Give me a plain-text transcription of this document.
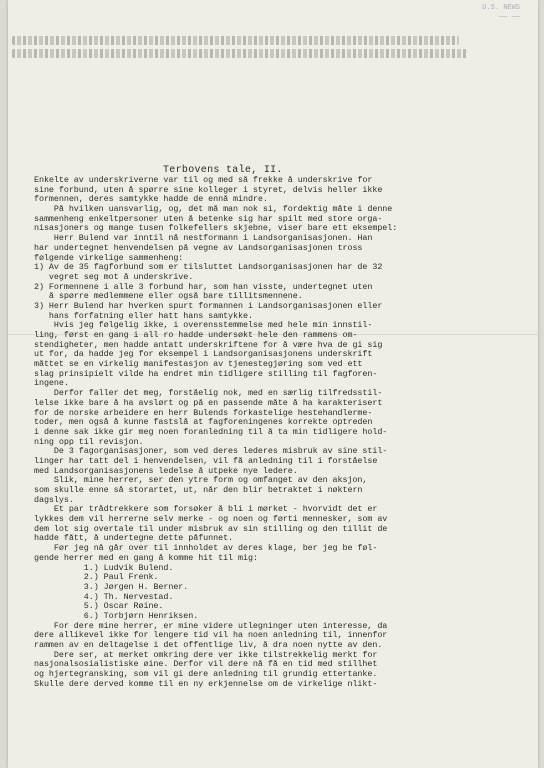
U.S. NEWS
—— ——
Terbovens tale, II.
Enkelte av underskriverne var til og med så frekke å underskrive for
sine forbund, uten å spørre sine kolleger i styret, delvis heller ikke
formennen, deres samtykke hadde de ennå mindre.
På hvilken uansvarlig, og, det må man nok si, fordektig måte i denne
sammenheng enkeltpersoner uten å betenke sig har spilt med store orga-
nisasjoners og mange tusen folkefellers skjebne, viser bare ett eksempel:
Herr Bulend var inntil nå nestformann i Landsorganisasjonen. Han
har undertegnet henvendelsen på vegne av Landsorganisasjonen tross
følgende virkelige sammenheng:
1) Av de 35 fagforbund som er tilsluttet Landsorganisasjonen har de 32
vegret seg mot å underskrive.
2) Formennene i alle 3 forbund har, som han visste, undertegnet uten
å spørre medlemmene eller også bare tillitsmennene.
3) Herr Bulend har hverken spurt formannen i Landsorganisasjonen eller
hans forfatning eller hatt hans samtykke.
Hvis jeg følgelig ikke, i overensstemmelse med hele min innstil-
ling, først en gang i all ro hadde undersøkt hele den rammens om-
stendigheter, men hadde antatt underskriftene for å være hva de gi sig
ut for, da hadde jeg for eksempel i Landsorganisasjonens underskrift
måttet se en virkelig manifestasjon av tjenestegjøring som ved ett
slag prinsipielt vilde ha endret min tidligere stilling til fagforen-
ingene.
Derfor faller det meg, forståelig nok, med en særlig tilfredsstil-
lelse ikke bare å ha avslørt og på en passende måte å ha karakterisert
for de norske arbeidere en herr Bulends forkastelige hestehandlerme-
toder, men også å kunne fastslå at fagforeningenes korrekte optreden
i denne sak ikke gir meg noen foranledning til å ta min tidligere hold-
ning opp til revisjon.
De 3 fagorganisasjoner, som ved deres lederes misbruk av sine stil-
linger har tatt del i henvendelsen, vil få anledning til i forståelse
med Landsorganisasjonens ledelse å utpeke nye ledere.
Slik, mine herrer, ser den ytre form og omfanget av den aksjon,
som skulle enne så storartet, ut, når den blir betraktet i nøktern
dagslys.
Et par trådtrekkere som forsøker å bli i mørket - hvorvidt det er
lykkes dem vil herrerne selv merke - og noen og førti mennesker, som av
dem lot sig overtale til under misbruk av sin stilling og den tillit de
hadde fått, å undertegne dette påfunnet.
Før jeg nå går over til innholdet av deres klage, ber jeg be føl-
gende herrer med en gang å komme hit til mig:
1.) Ludvik Bulend.
2.) Paul Frenk.
3.) Jørgen H. Berner.
4.) Th. Nervestad.
5.) Oscar Røine.
6.) Torbjørn Henriksen.
For dere mine herrer, er mine videre utlegninger uten interesse, da
dere allikevel ikke for lengere tid vil ha noen anledning til, innenfor
rammen av en deltagelse i det offentlige liv, å dra noen nytte av den.
Dere ser, at merket omkring dere ver ikke tilstrekkelig merkt for
nasjonalsosialistiske øine. Derfor vil dere nå få en tid med stillhet
og hjertegransking, som vil gi dere anledning til grundig ettertanke.
Skulle dere derved komme til en ny erkjennelse om de virkelige nlikt-
